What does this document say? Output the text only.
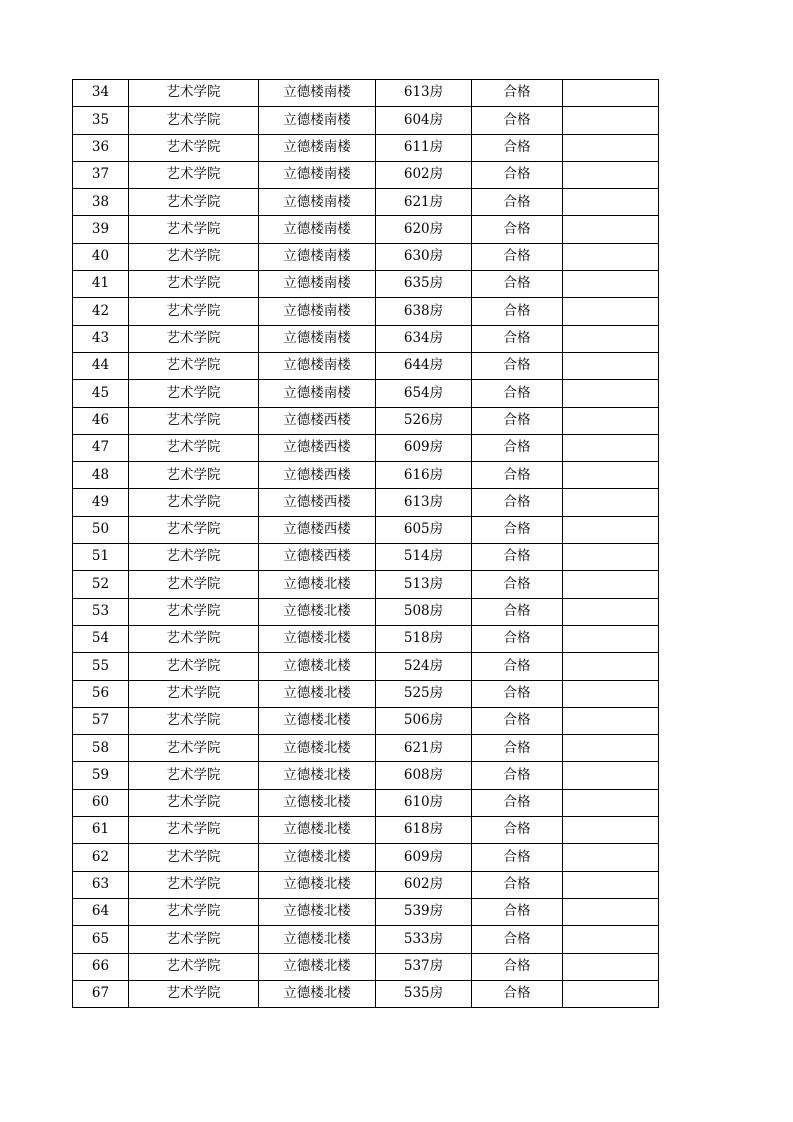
34	艺术学院	立德楼南楼	613房	合格	
35	艺术学院	立德楼南楼	604房	合格	
36	艺术学院	立德楼南楼	611房	合格	
37	艺术学院	立德楼南楼	602房	合格	
38	艺术学院	立德楼南楼	621房	合格	
39	艺术学院	立德楼南楼	620房	合格	
40	艺术学院	立德楼南楼	630房	合格	
41	艺术学院	立德楼南楼	635房	合格	
42	艺术学院	立德楼南楼	638房	合格	
43	艺术学院	立德楼南楼	634房	合格	
44	艺术学院	立德楼南楼	644房	合格	
45	艺术学院	立德楼南楼	654房	合格	
46	艺术学院	立德楼西楼	526房	合格	
47	艺术学院	立德楼西楼	609房	合格	
48	艺术学院	立德楼西楼	616房	合格	
49	艺术学院	立德楼西楼	613房	合格	
50	艺术学院	立德楼西楼	605房	合格	
51	艺术学院	立德楼西楼	514房	合格	
52	艺术学院	立德楼北楼	513房	合格	
53	艺术学院	立德楼北楼	508房	合格	
54	艺术学院	立德楼北楼	518房	合格	
55	艺术学院	立德楼北楼	524房	合格	
56	艺术学院	立德楼北楼	525房	合格	
57	艺术学院	立德楼北楼	506房	合格	
58	艺术学院	立德楼北楼	621房	合格	
59	艺术学院	立德楼北楼	608房	合格	
60	艺术学院	立德楼北楼	610房	合格	
61	艺术学院	立德楼北楼	618房	合格	
62	艺术学院	立德楼北楼	609房	合格	
63	艺术学院	立德楼北楼	602房	合格	
64	艺术学院	立德楼北楼	539房	合格	
65	艺术学院	立德楼北楼	533房	合格	
66	艺术学院	立德楼北楼	537房	合格	
67	艺术学院	立德楼北楼	535房	合格	
